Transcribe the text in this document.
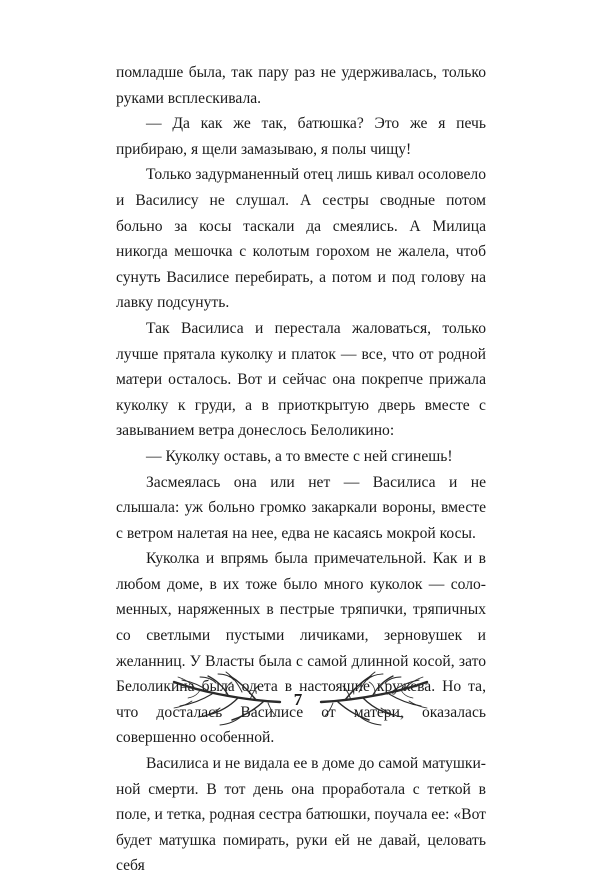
помладше была, так пару раз не удерживалась, только руками всплескивала.

— Да как же так, батюшка? Это же я печь прибираю, я щели замазываю, я полы чищу!

Только задурманенный отец лишь кивал осоловело и Василису не слушал. А сестры сводные потом больно за косы таскали да смеялись. А Милица никогда мешочка с колотым горохом не жалела, чтоб сунуть Василисе перебирать, а потом и под голову на лавку подсунуть.

Так Василиса и перестала жаловаться, только лучше прятала куколку и платок — все, что от родной матери осталось. Вот и сейчас она покрепче прижала куколку к груди, а в приоткрытую дверь вместе с завыванием ветра донеслось Белоликино:

— Куколку оставь, а то вместе с ней сгинешь!

Засмеялась она или нет — Василиса и не слышала: уж больно громко закаркали вороны, вместе с ветром налетая на нее, едва не касаясь мокрой косы.

Куколка и впрямь была примечательной. Как и в любом доме, в их тоже было много куколок — соло- менных, наряженных в пестрые тряпички, тряпичных со светлыми пустыми личиками, зерновушек и желанниц. У Власты была с самой длинной косой, зато Белоликина была одета в настоящие кружева. Но та, что досталась Василисе от матери, оказалась совершенно особенной.

Василиса и не видала ее в доме до самой матушки- ной смерти. В тот день она проработала с теткой в поле, и тетка, родная сестра батюшки, поучала ее: «Вот будет матушка помирать, руки ей не давай, целовать себя

7
